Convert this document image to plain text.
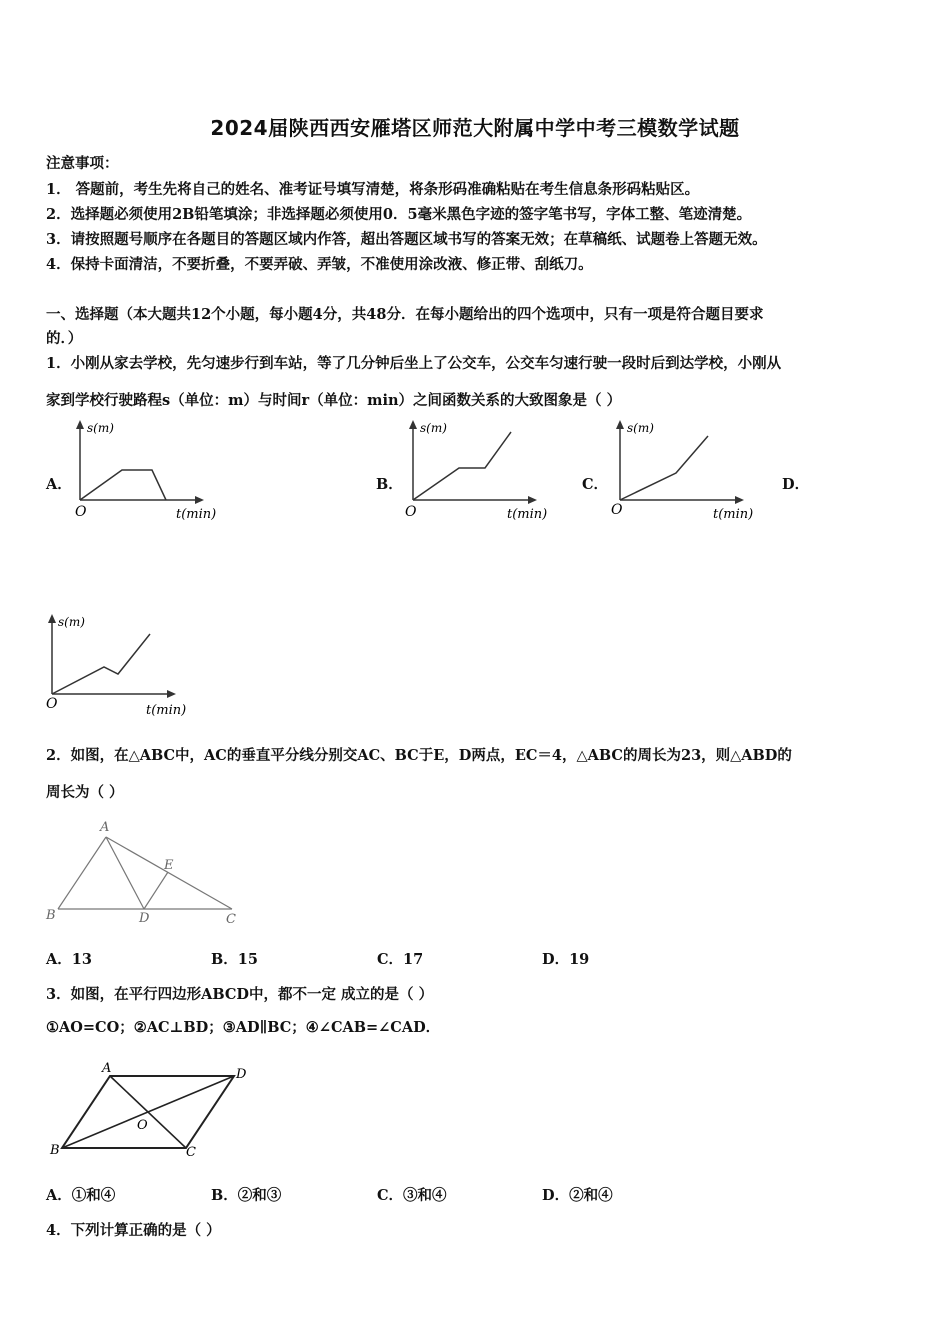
2024届陕西西安雁塔区师范大附属中学中考三模数学试题
注意事项：
1． 答题前，考生先将自己的姓名、准考证号填写清楚，将条形码准确粘贴在考生信息条形码粘贴区。
2．选择题必须使用2B铅笔填涂；非选择题必须使用0．5毫米黑色字迹的签字笔书写，字体工整、笔迹清楚。
3．请按照题号顺序在各题目的答题区域内作答，超出答题区域书写的答案无效；在草稿纸、试题卷上答题无效。
4．保持卡面清洁，不要折叠，不要弄破、弄皱，不准使用涂改液、修正带、刮纸刀。
一、选择题（本大题共12个小题，每小题4分，共48分．在每小题给出的四个选项中，只有一项是符合题目要求
的．）
1．小刚从家去学校，先匀速步行到车站，等了几分钟后坐上了公交车，公交车匀速行驶一段时后到达学校，小刚从
家到学校行驶路程s（单位：m）与时间r（单位：min）之间函数关系的大致图象是（ ）
A．	B．	C．	D．
s(m)
O	t(min)
s(m)
O	t(min)
s(m)
O	t(min)
s(m)
O	t(min)
2．如图，在△ABC中，AC的垂直平分线分别交AC、BC于E，D两点，EC＝4，△ABC的周长为23，则△ABD的
周长为（ ）
A
B	C
D
E
A．13	B．15	C．17	D．19
3．如图，在平行四边形ABCD中，都不一定 成立的是（ ）
①AO=CO；②AC⊥BD；③AD∥BC；④∠CAB=∠CAD．
A	D
B	C
O
A．①和④	B．②和③	C．③和④	D．②和④
4．下列计算正确的是（ ）
